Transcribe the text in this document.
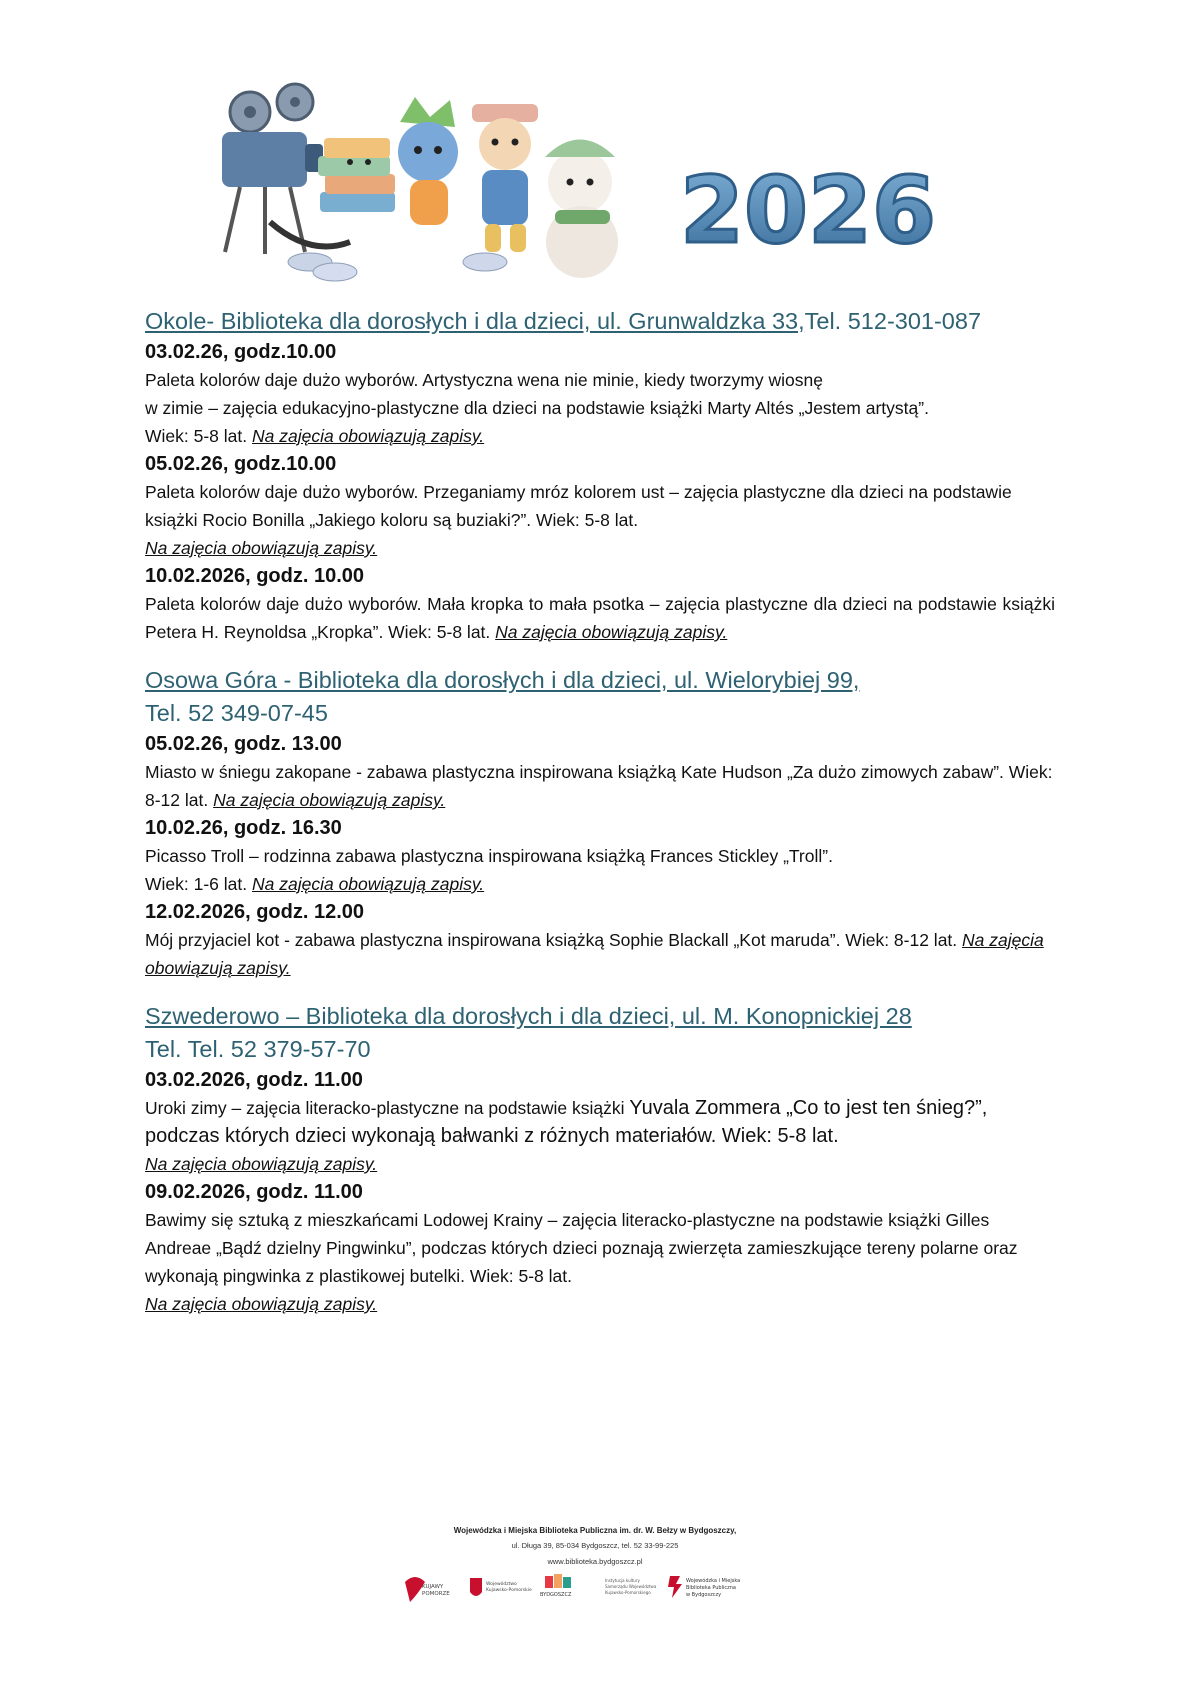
2026

Okole- Biblioteka dla dorosłych i dla dzieci, ul. Grunwaldzka 33,Tel. 512-301-087

03.02.26, godz.10.00

Paleta kolorów daje dużo wyborów. Artystyczna wena nie minie, kiedy tworzymy wiosnę
w zimie – zajęcia edukacyjno-plastyczne dla dzieci na podstawie książki Marty Altés „Jestem artystą”.
Wiek: 5-8 lat. Na zajęcia obowiązują zapisy.

05.02.26, godz.10.00

Paleta kolorów daje dużo wyborów. Przeganiamy mróz kolorem ust – zajęcia plastyczne dla dzieci na podstawie książki Rocio Bonilla „Jakiego koloru są buziaki?”. Wiek: 5-8 lat.
Na zajęcia obowiązują zapisy.

10.02.2026, godz. 10.00

Paleta kolorów daje dużo wyborów. Mała kropka to mała psotka – zajęcia plastyczne dla dzieci na podstawie książki Petera H. Reynoldsa „Kropka”. Wiek: 5-8 lat. Na zajęcia obowiązują zapisy.

Osowa Góra - Biblioteka dla dorosłych i dla dzieci, ul. Wielorybiej 99,
Tel. 52 349-07-45

05.02.26, godz. 13.00

Miasto w śniegu zakopane - zabawa plastyczna inspirowana książką Kate Hudson „Za dużo zimowych zabaw”. Wiek: 8-12 lat. Na zajęcia obowiązują zapisy.

10.02.26, godz. 16.30

Picasso Troll – rodzinna zabawa plastyczna inspirowana książką Frances Stickley „Troll”.
Wiek: 1-6 lat. Na zajęcia obowiązują zapisy.

12.02.2026, godz. 12.00

Mój przyjaciel kot - zabawa plastyczna inspirowana książką Sophie Blackall „Kot maruda”. Wiek: 8-12 lat. Na zajęcia obowiązują zapisy.

Szwederowo – Biblioteka dla dorosłych i dla dzieci, ul. M. Konopnickiej 28
Tel. Tel. 52 379-57-70

03.02.2026, godz. 11.00

Uroki zimy – zajęcia literacko-plastyczne na podstawie książki Yuvala Zommera „Co to jest ten śnieg?”, podczas których dzieci wykonają bałwanki z różnych materiałów. Wiek: 5-8 lat.
Na zajęcia obowiązują zapisy.

09.02.2026, godz. 11.00

Bawimy się sztuką z mieszkańcami Lodowej Krainy – zajęcia literacko-plastyczne na podstawie książki Gilles Andreae „Bądź dzielny Pingwinku”, podczas których dzieci poznają zwierzęta zamieszkujące tereny polarne oraz wykonają pingwinka z plastikowej butelki. Wiek: 5-8 lat.
Na zajęcia obowiązują zapisy.

Wojewódzka i Miejska Biblioteka Publiczna im. dr. W. Bełzy w Bydgoszczy,
ul. Długa 39, 85-034 Bydgoszcz, tel. 52 33-99-225
www.biblioteka.bydgoszcz.pl
KUJAWY
POMORZE
Województwo
Kujawsko-Pomorskie
BYDGOSZCZ
Instytucja kultury
Samorządu Województwa
Kujawsko-Pomorskiego
Wojewódzka i Miejska
Biblioteka Publiczna
w Bydgoszczy
